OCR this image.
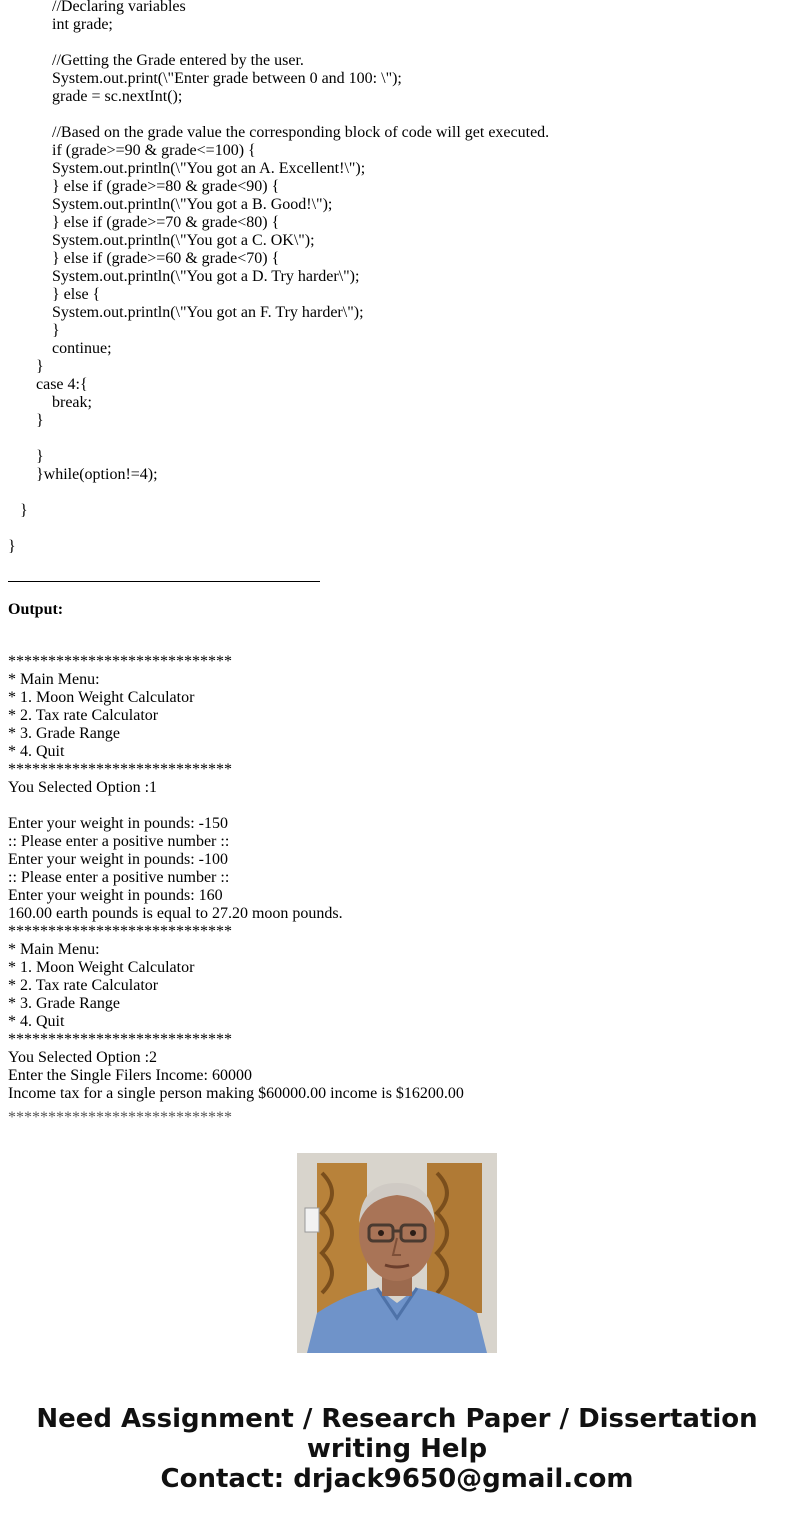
//Declaring variables
int grade;
//Getting the Grade entered by the user.
System.out.print(\"Enter grade between 0 and 100: \");
grade = sc.nextInt();
//Based on the grade value the corresponding block of code will get executed.
if (grade>=90 & grade<=100) {
System.out.println(\"You got an A. Excellent!\");
} else if (grade>=80 & grade<90) {
System.out.println(\"You got a B. Good!\");
} else if (grade>=70 & grade<80) {
System.out.println(\"You got a C. OK\");
} else if (grade>=60 & grade<70) {
System.out.println(\"You got a D. Try harder\");
} else {
System.out.println(\"You got an F. Try harder\");
}
continue;
}
case 4:{
break;
}
}
}while(option!=4);
}
}
Output:
****************************
* Main Menu:
* 1. Moon Weight Calculator
* 2. Tax rate Calculator
* 3. Grade Range
* 4. Quit
****************************
You Selected Option :1
Enter your weight in pounds: -150
:: Please enter a positive number ::
Enter your weight in pounds: -100
:: Please enter a positive number ::
Enter your weight in pounds: 160
160.00 earth pounds is equal to 27.20 moon pounds.
****************************
* Main Menu:
* 1. Moon Weight Calculator
* 2. Tax rate Calculator
* 3. Grade Range
* 4. Quit
****************************
You Selected Option :2
Enter the Single Filers Income: 60000
Income tax for a single person making $60000.00 income is $16200.00
****************************
Need Assignment / Research Paper / Dissertation
writing Help
Contact: drjack9650@gmail.com
